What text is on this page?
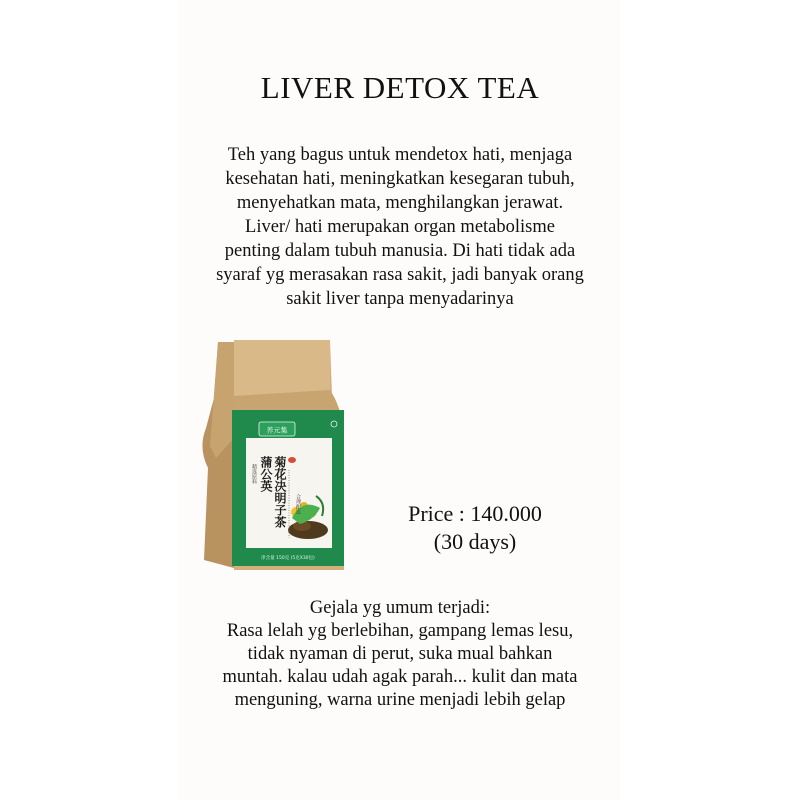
LIVER DETOX TEA

Teh yang bagus untuk mendetox hati, menjaga
kesehatan hati, meningkatkan kesegaran tubuh,
menyehatkan mata, menghilangkan jerawat.
Liver/ hati merupakan organ metabolisme
penting dalam tubuh manusia. Di hati tidak ada
syaraf yg merasakan rasa sakit, jadi banyak orang
sakit liver tanpa menyadarinya

养元集
蒲公英 菊花决明子茶
精选原料
合理配比
净含量 150克 (5克X30包)
Price : 140.000
(30 days)

Gejala yg umum terjadi:
Rasa lelah yg berlebihan, gampang lemas lesu,
tidak nyaman di perut, suka mual bahkan
muntah. kalau udah agak parah... kulit dan mata
menguning, warna urine menjadi lebih gelap
